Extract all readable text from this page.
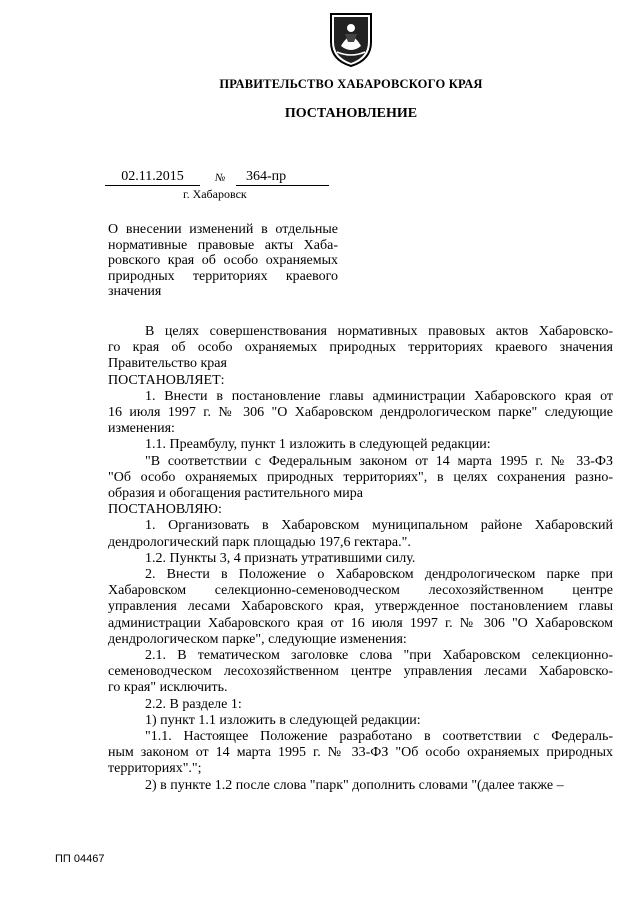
ПРАВИТЕЛЬСТВО ХАБАРОВСКОГО КРАЯ
ПОСТАНОВЛЕНИЕ
02.11.2015	№	364-пр
г. Хабаровск
О внесении изменений в отдельные
нормативные правовые акты Хаба-
ровского края об особо охраняемых
природных территориях краевого
значения

В целях совершенствования нормативных правовых актов Хабаровско-
го края об особо охраняемых природных территориях краевого значения
Правительство края

ПОСТАНОВЛЯЕТ:

1. Внести в постановление главы администрации Хабаровского края от
16 июля 1997 г. № 306 "О Хабаровском дендрологическом парке" следующие
изменения:

1.1. Преамбулу, пункт 1 изложить в следующей редакции:

"В соответствии с Федеральным законом от 14 марта 1995 г. № 33-ФЗ
"Об особо охраняемых природных территориях", в целях сохранения разно-
образия и обогащения растительного мира

ПОСТАНОВЛЯЮ:

1. Организовать в Хабаровском муниципальном районе Хабаровский
дендрологический парк площадью 197,6 гектара.".

1.2. Пункты 3, 4 признать утратившими силу.

2. Внести в Положение о Хабаровском дендрологическом парке при
Хабаровском селекционно-семеноводческом лесохозяйственном центре
управления лесами Хабаровского края, утвержденное постановлением главы
администрации Хабаровского края от 16 июля 1997 г. № 306 "О Хабаровском
дендрологическом парке", следующие изменения:

2.1. В тематическом заголовке слова "при Хабаровском селекционно-
семеноводческом лесохозяйственном центре управления лесами Хабаровско-
го края" исключить.

2.2. В разделе 1:

1) пункт 1.1 изложить в следующей редакции:

"1.1. Настоящее Положение разработано в соответствии с Федераль-
ным законом от 14 марта 1995 г. № 33-ФЗ "Об особо охраняемых природных
территориях".";

2) в пункте 1.2 после слова "парк" дополнить словами "(далее также –

ПП 04467
